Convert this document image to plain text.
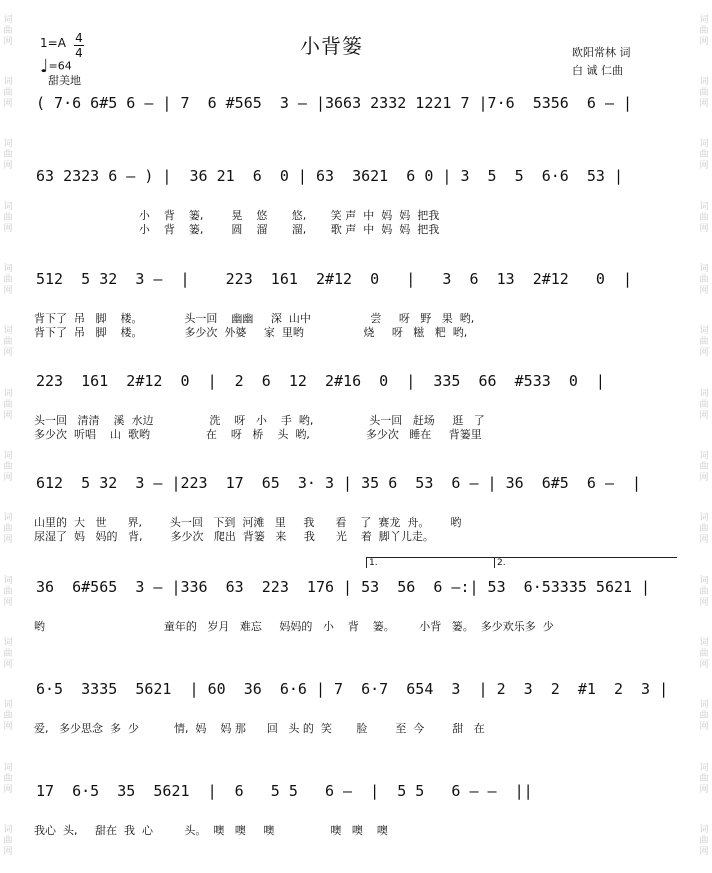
词
曲
网
词
曲
网
词
曲
网
词
曲
网
词
曲
网
词
曲
网
词
曲
网
词
曲
网
词
曲
网
词
曲
网
词
曲
网
词
曲
网
词
曲
网
词
曲
网
词
曲
网
词
曲
网
词
曲
网
词
曲
网
词
曲
网
词
曲
网
词
曲
网
词
曲
网
词
曲
网
词
曲
网
词
曲
网
词
曲
网
词
曲
网
词
曲
网
小背篓
1=A 4
4
♩=64
甜美地
欧阳常林 词
白 诚 仁曲
( 7·6 6#5 6 – | 7  6 #565  3 – |3663 2332 1221 7 |7·6  5356  6 – |
63 2323 6 – ) |  36 21  6  0 | 63  3621  6 0 | 3  5  5  6·6  53 |
小    背    篓,        晃    悠       悠,       笑 声  中  妈  妈  把我
小    背    篓,        圆    溜       溜,       歌 声  中  妈  妈  把我
512  5 32  3 –  |    223  161  2#12  0   |   3  6  13  2#12   0  |
背下了  吊   脚    楼。            头一回    幽幽     深  山中                 尝     呀   野   果  哟,
背下了  吊   脚    楼。            多少次  外婆     家  里哟                 烧     呀   糍   粑  哟,
223  161  2#12  0  |  2  6  12  2#16  0  |  335  66  #533  0  |
头一回   清清    溪  水边                洗    呀   小    手  哟,                头一回   赶场     逛   了
多少次  听唱    山  歌哟                在    呀   桥    头  哟,                多少次   睡在     背篓里
612  5 32  3 – |223  17  65  3· 3 | 35 6  53  6 – | 36  6#5  6 –  |
山里的  大   世      界,        头一回   下到  河滩   里     我      看    了  赛龙  舟。      哟
尿湿了  妈   妈的   背,        多少次   爬出  背篓   来     我      光    着  脚丫儿走。
36  6#565  3 – |336  63  223  176 | 53  56  6 –:| 53  6·53335 5621 |
哟                                  童年的   岁月   难忘     妈妈的   小    背    篓。       小背   篓。  多少欢乐多  少
6·5  3335  5621  | 60  36  6·6 | 7  6·7  654  3  | 2  3  2  #1  2  3 |
爱,   多少思念  多  少          情,  妈    妈 那      回   头 的  笑       脸        至  今        甜   在
17  6·5  35  5621  |  6   5 5   6 –  |  5 5   6 – –  ||
我心  头,     甜在  我  心         头。  噢   噢     噢                噢   噢    噢
1.	2.
